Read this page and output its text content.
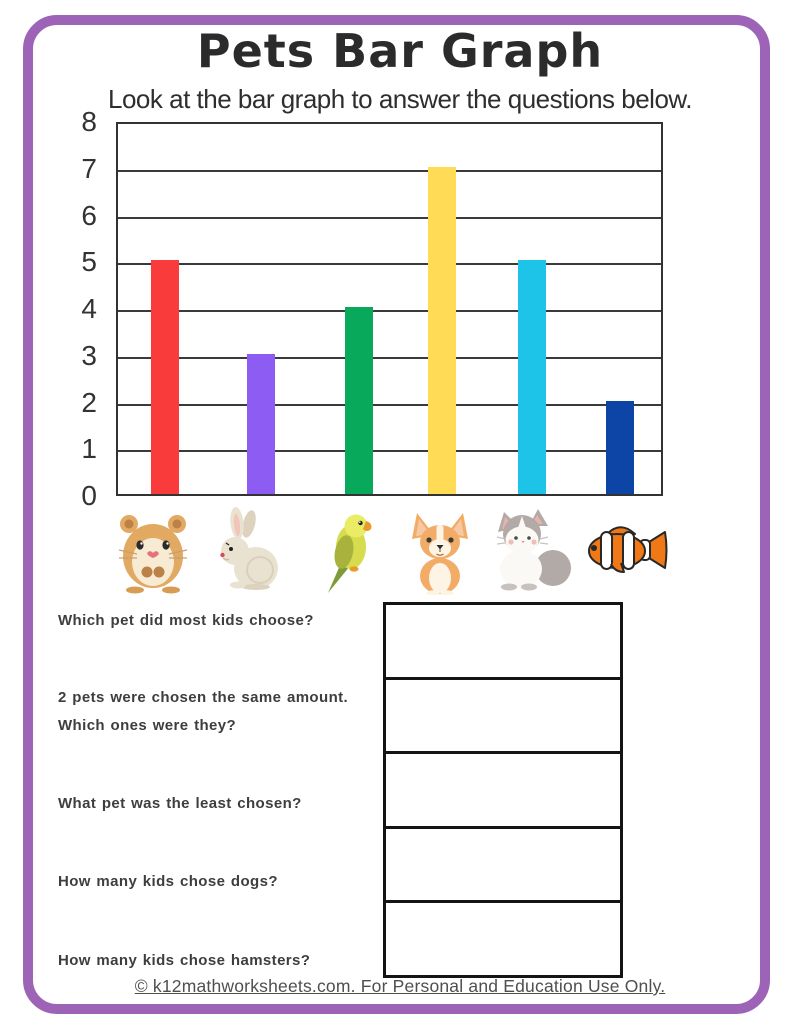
Pets Bar Graph
Look at the bar graph to answer the questions below.
0
1
2
3
4
5
6
7
8
Which pet did most kids choose?
2 pets were chosen the same amount.
Which ones were they?
What pet was the least chosen?
How many kids chose dogs?
How many kids chose hamsters?
© k12mathworksheets.com. For Personal and Education Use Only.
